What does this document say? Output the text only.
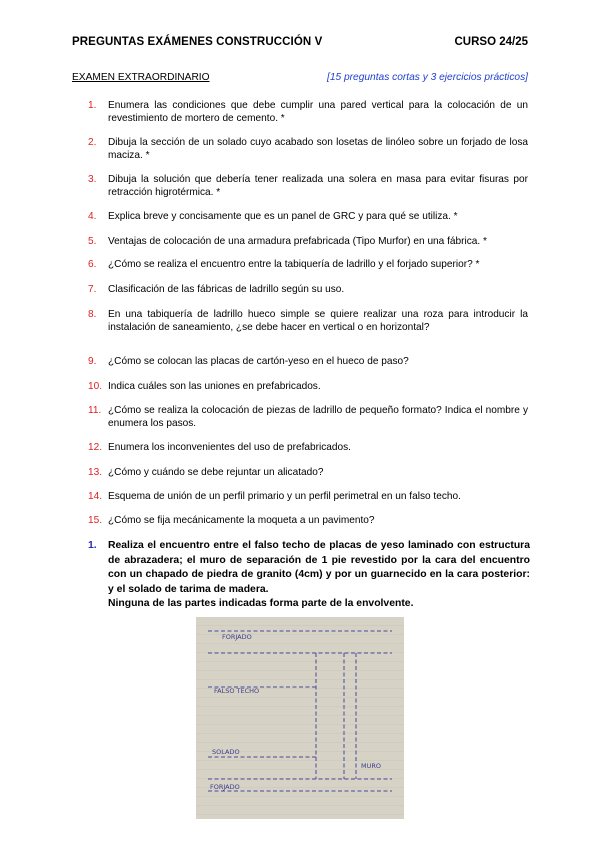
PREGUNTAS EXÁMENES CONSTRUCCIÓN V	CURSO 24/25
EXAMEN EXTRAORDINARIO	[15 preguntas cortas y 3 ejercicios prácticos]
1.	Enumera las condiciones que debe cumplir una pared vertical para la colocación de un revestimiento de mortero de cemento. *
2.	Dibuja la sección de un solado cuyo acabado son losetas de linóleo sobre un forjado de losa maciza. *
3.	Dibuja la solución que debería tener realizada una solera en masa para evitar fisuras por retracción higrotérmica. *
4.	Explica breve y concisamente que es un panel de GRC y para qué se utiliza. *
5.	Ventajas de colocación de una armadura prefabricada (Tipo Murfor) en una fábrica. *
6.	¿Cómo se realiza el encuentro entre la tabiquería de ladrillo y el forjado superior? *
7.	Clasificación de las fábricas de ladrillo según su uso.
8.	En una tabiquería de ladrillo hueco simple se quiere realizar una roza para introducir la instalación de saneamiento, ¿se debe hacer en vertical o en horizontal?
9.	¿Cómo se colocan las placas de cartón-yeso en el hueco de paso?
10. Indica cuáles son las uniones en prefabricados.
11. ¿Cómo se realiza la colocación de piezas de ladrillo de pequeño formato? Indica el nombre y enumera los pasos.
12. Enumera los inconvenientes del uso de prefabricados.
13. ¿Cómo y cuándo se debe rejuntar un alicatado?
14. Esquema de unión de un perfil primario y un perfil perimetral en un falso techo.
15. ¿Cómo se fija mecánicamente la moqueta a un pavimento?
1.	Realiza el encuentro entre el falso techo de placas de yeso laminado con estructura de abrazadera; el muro de separación de 1 pie revestido por la cara del encuentro con un chapado de piedra de granito (4cm) y por un guarnecido en la cara posterior: y el solado de tarima de madera.
Ninguna de las partes indicadas forma parte de la envolvente.
FORJADO
FALSO TECHO
SOLADO
MURO
FORJADO
